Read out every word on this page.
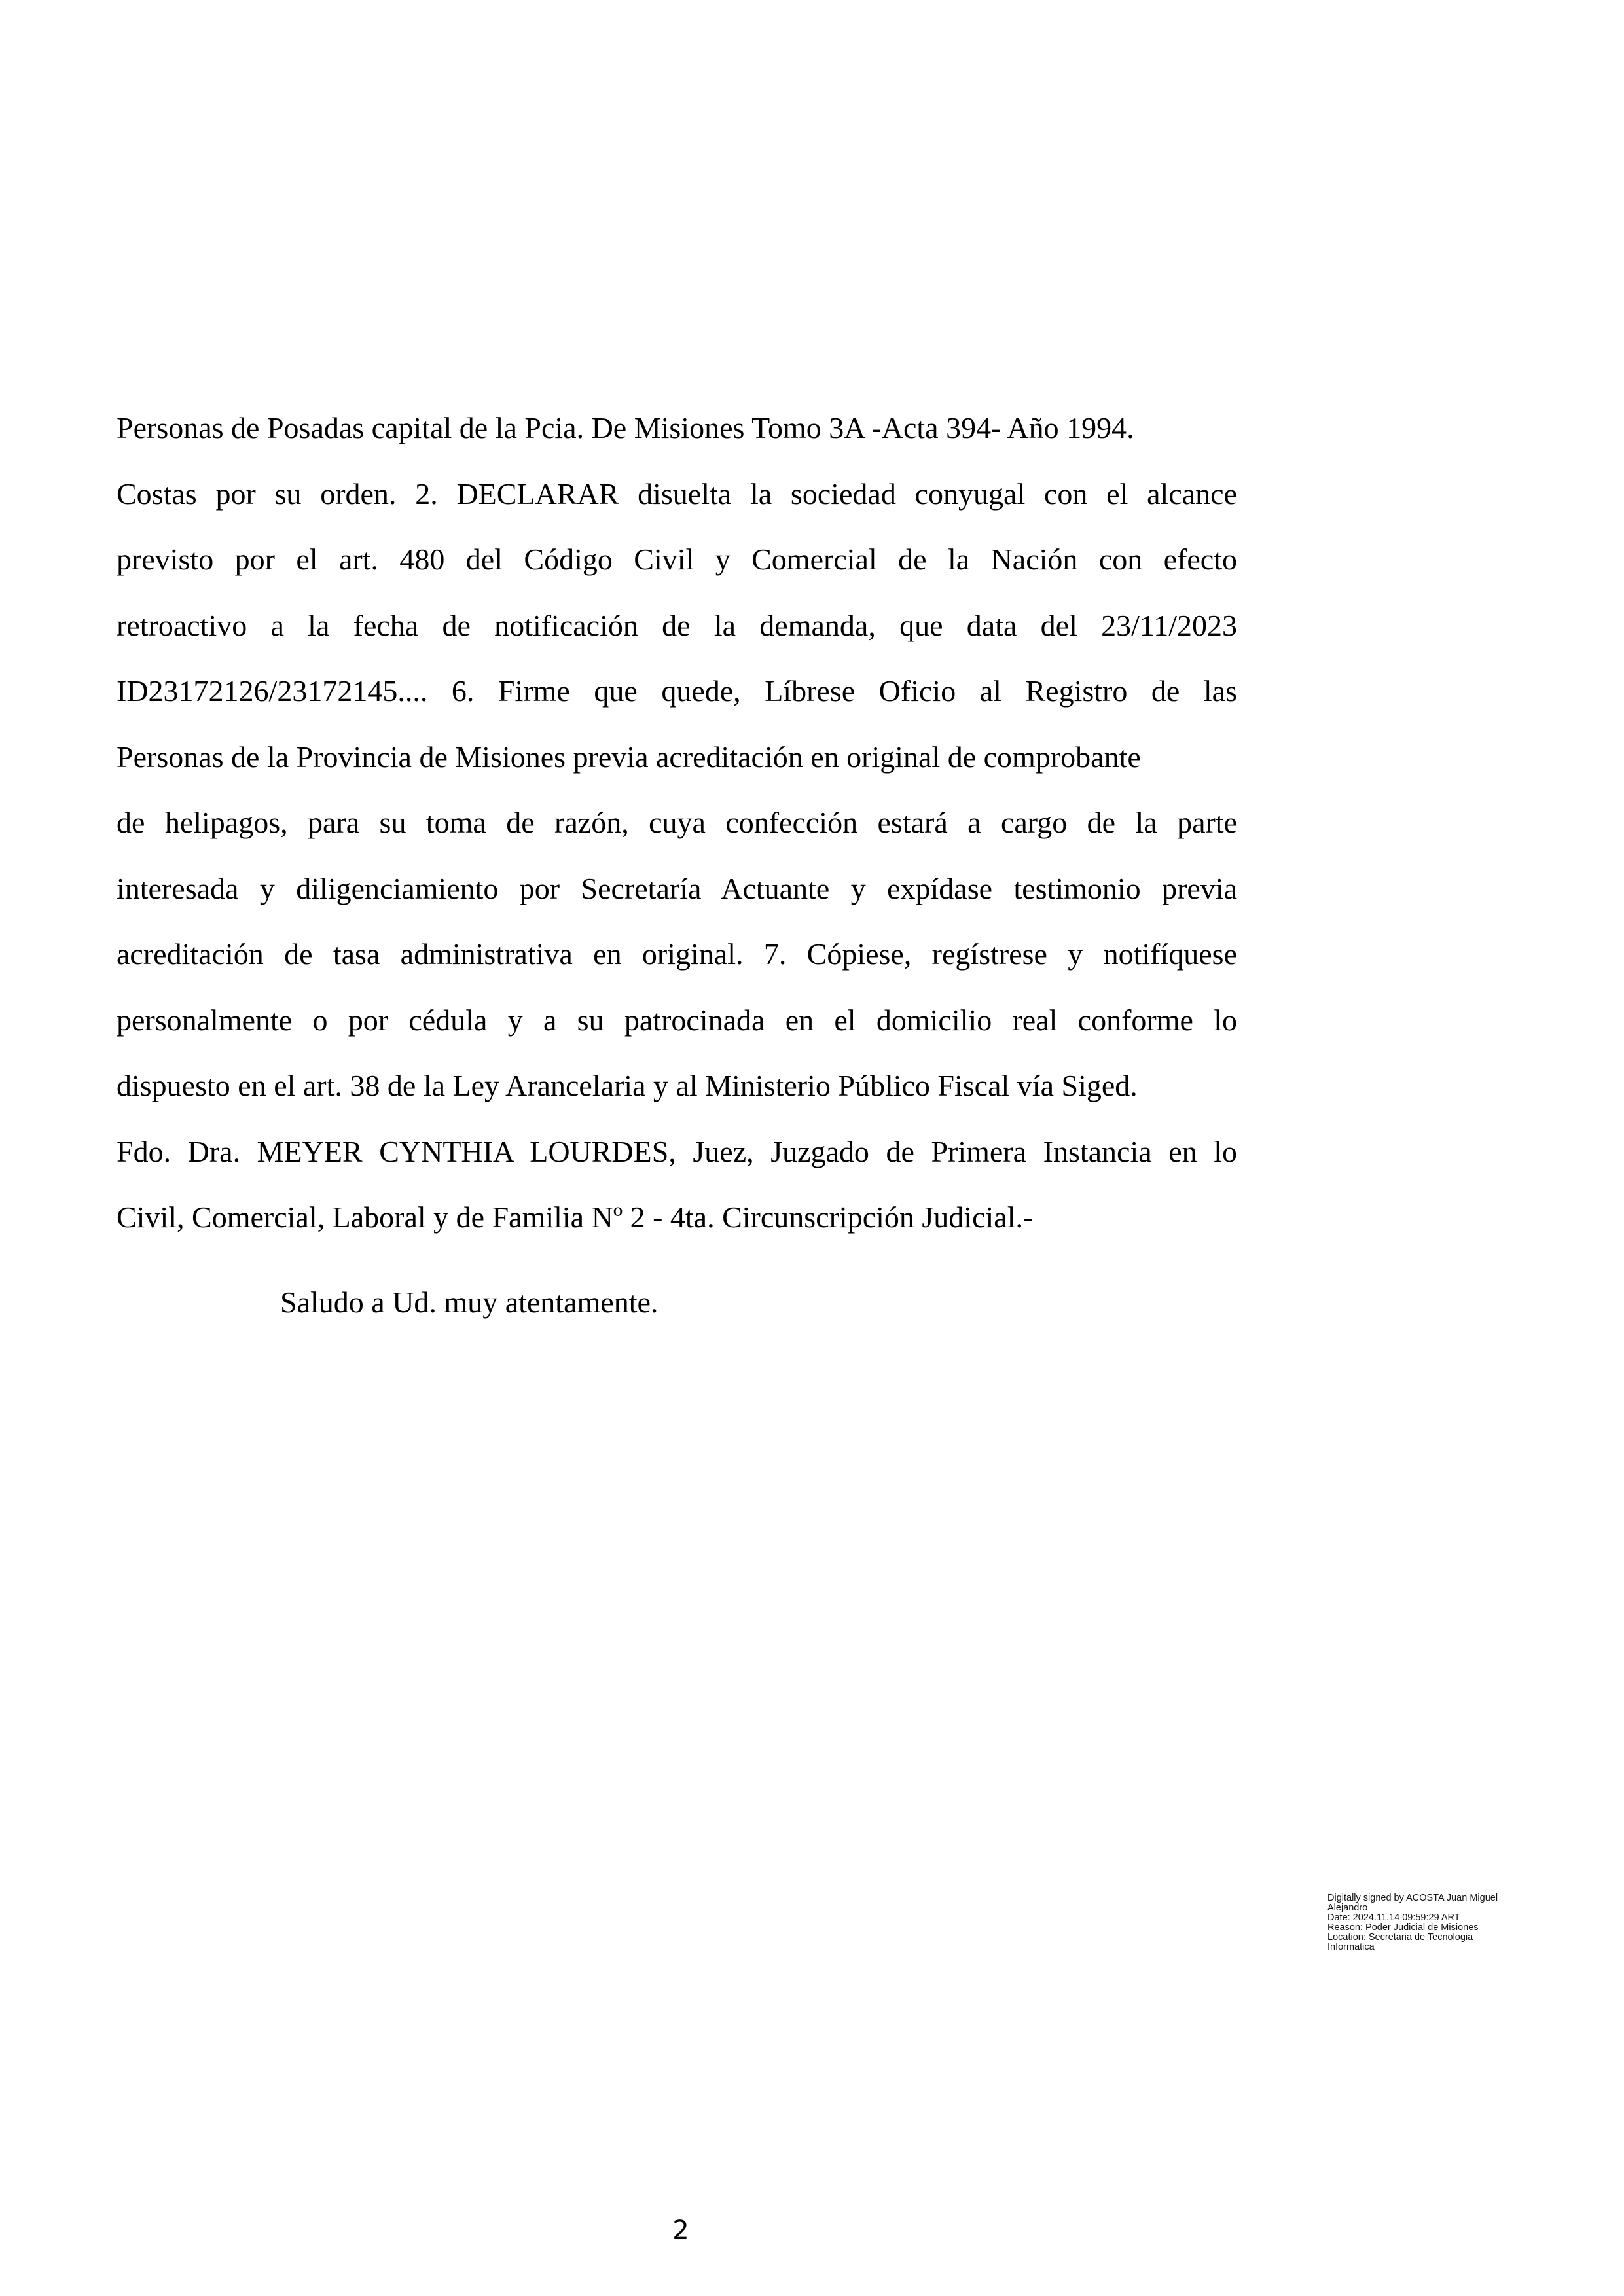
Personas de Posadas capital de la Pcia. De Misiones Tomo 3A -Acta 394- Año 1994.
Costas por su orden. 2. DECLARAR disuelta la sociedad conyugal con el alcance
previsto por el art. 480 del Código Civil y Comercial de la Nación con efecto
retroactivo a la fecha de notificación de la demanda, que data del 23/11/2023
ID23172126/23172145.... 6. Firme que quede, Líbrese Oficio al Registro de las
Personas de la Provincia de Misiones previa acreditación en original de comprobante
de helipagos, para su toma de razón, cuya confección estará a cargo de la parte
interesada y diligenciamiento por Secretaría Actuante y expídase testimonio previa
acreditación de tasa administrativa en original. 7. Cópiese, regístrese y notifíquese
personalmente o por cédula y a su patrocinada en el domicilio real conforme lo
dispuesto en el art. 38 de la Ley Arancelaria y al Ministerio Público Fiscal vía Siged.
Fdo. Dra. MEYER CYNTHIA LOURDES, Juez, Juzgado de Primera Instancia en lo
Civil, Comercial, Laboral y de Familia Nº 2 - 4ta. Circunscripción Judicial.-
Saludo a Ud. muy atentamente.
Digitally signed by ACOSTA Juan Miguel
Alejandro
Date: 2024.11.14 09:59:29 ART
Reason: Poder Judicial de Misiones
Location: Secretaria de Tecnologia
Informatica
2
